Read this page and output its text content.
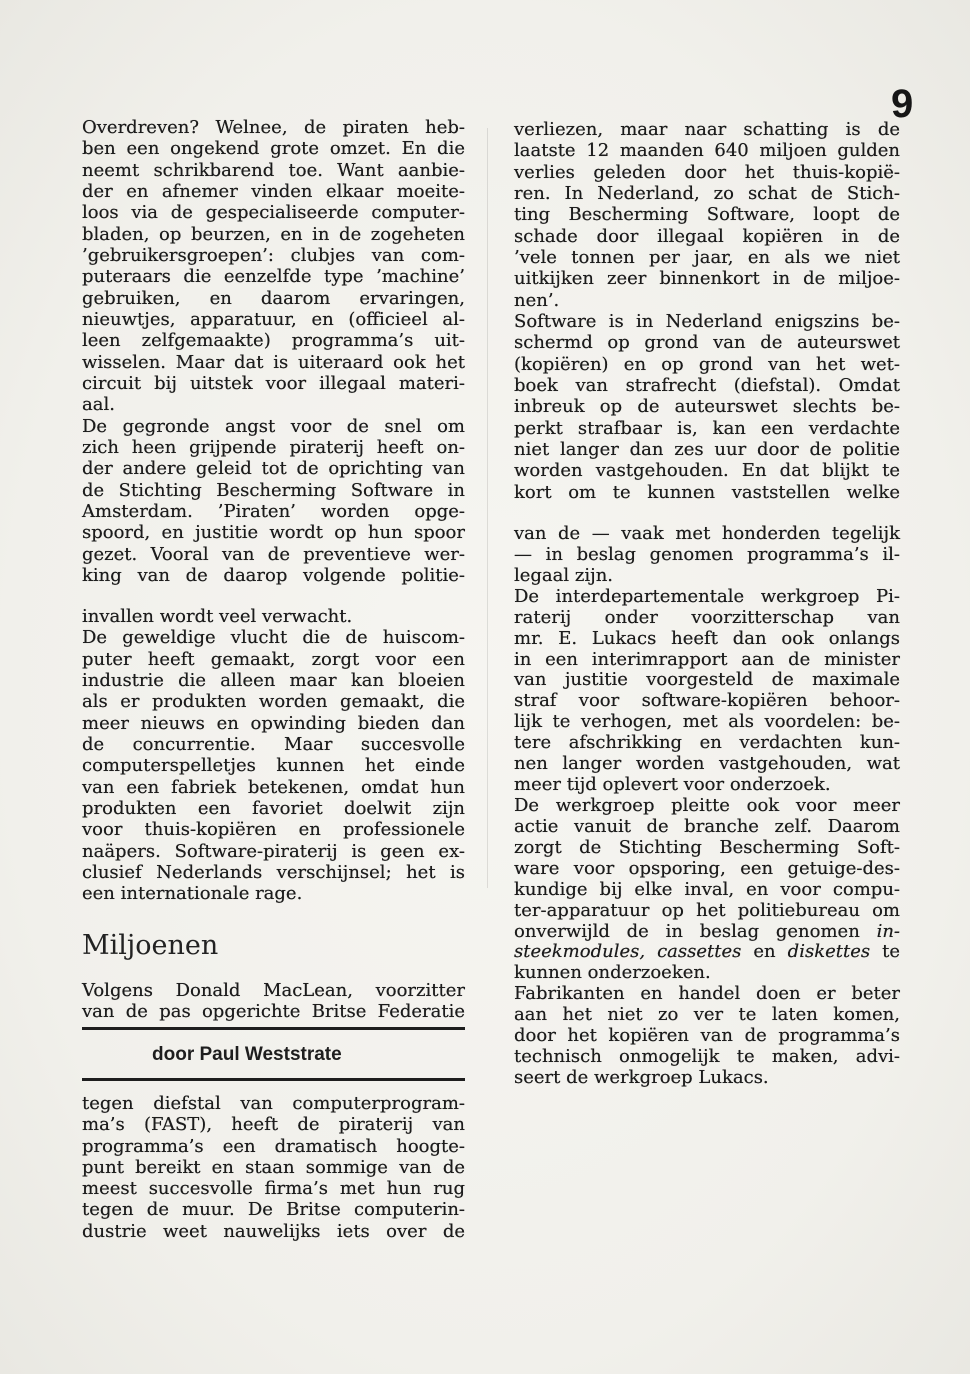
9
Overdreven? Welnee, de piraten heb-
ben een ongekend grote omzet. En die
neemt schrikbarend toe. Want aanbie-
der en afnemer vinden elkaar moeite-
loos via de gespecialiseerde computer-
bladen, op beurzen, en in de zogeheten
’gebruikersgroepen’: clubjes van com-
puteraars die eenzelfde type ’machine’
gebruiken, en daarom ervaringen,
nieuwtjes, apparatuur, en (officieel al-
leen zelfgemaakte) programma’s uit-
wisselen. Maar dat is uiteraard ook het
circuit bij uitstek voor illegaal materi-
aal.
De gegronde angst voor de snel om
zich heen grijpende piraterij heeft on-
der andere geleid tot de oprichting van
de Stichting Bescherming Software in
Amsterdam. ’Piraten’ worden opge-
spoord, en justitie wordt op hun spoor
gezet. Vooral van de preventieve wer-
king van de daarop volgende politie-
invallen wordt veel verwacht.
De geweldige vlucht die de huiscom-
puter heeft gemaakt, zorgt voor een
industrie die alleen maar kan bloeien
als er produkten worden gemaakt, die
meer nieuws en opwinding bieden dan
de concurrentie. Maar succesvolle
computerspelletjes kunnen het einde
van een fabriek betekenen, omdat hun
produkten een favoriet doelwit zijn
voor thuis-kopiëren en professionele
naäpers. Software-piraterij is geen ex-
clusief Nederlands verschijnsel; het is
een internationale rage.
Miljoenen
Volgens Donald MacLean, voorzitter
van de pas opgerichte Britse Federatie
door Paul Weststrate
tegen diefstal van computerprogram-
ma’s (FAST), heeft de piraterij van
programma’s een dramatisch hoogte-
punt bereikt en staan sommige van de
meest succesvolle firma’s met hun rug
tegen de muur. De Britse computerin-
dustrie weet nauwelijks iets over de
verliezen, maar naar schatting is de
laatste 12 maanden 640 miljoen gulden
verlies geleden door het thuis-kopië-
ren. In Nederland, zo schat de Stich-
ting Bescherming Software, loopt de
schade door illegaal kopiëren in de
’vele tonnen per jaar, en als we niet
uitkijken zeer binnenkort in de miljoe-
nen’.
Software is in Nederland enigszins be-
schermd op grond van de auteurswet
(kopiëren) en op grond van het wet-
boek van strafrecht (diefstal). Omdat
inbreuk op de auteurswet slechts be-
perkt strafbaar is, kan een verdachte
niet langer dan zes uur door de politie
worden vastgehouden. En dat blijkt te
kort om te kunnen vaststellen welke
van de — vaak met honderden tegelijk
— in beslag genomen programma’s il-
legaal zijn.
De interdepartementale werkgroep Pi-
raterij onder voorzitterschap van
mr. E. Lukacs heeft dan ook onlangs
in een interimrapport aan de minister
van justitie voorgesteld de maximale
straf voor software-kopiëren behoor-
lijk te verhogen, met als voordelen: be-
tere afschrikking en verdachten kun-
nen langer worden vastgehouden, wat
meer tijd oplevert voor onderzoek.
De werkgroep pleitte ook voor meer
actie vanuit de branche zelf. Daarom
zorgt de Stichting Bescherming Soft-
ware voor opsporing, een getuige-des-
kundige bij elke inval, en voor compu-
ter-apparatuur op het politiebureau om
onverwijld de in beslag genomen in-
steekmodules, cassettes en diskettes te
kunnen onderzoeken.
Fabrikanten en handel doen er beter
aan het niet zo ver te laten komen,
door het kopiëren van de programma’s
technisch onmogelijk te maken, advi-
seert de werkgroep Lukacs.
